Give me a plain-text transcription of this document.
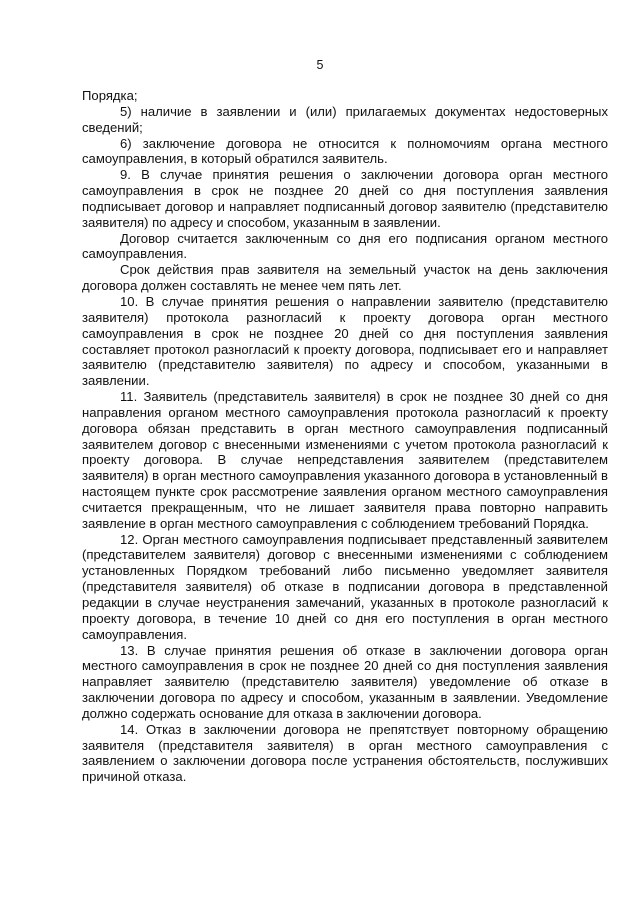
5

Порядка;

5) наличие в заявлении и (или) прилагаемых документах недостоверных сведений;

6) заключение договора не относится к полномочиям органа местного самоуправления, в который обратился заявитель.

9. В случае принятия решения о заключении договора орган местного самоуправления в срок не позднее 20 дней со дня поступления заявления подписывает договор и направляет подписанный договор заявителю (представителю заявителя) по адресу и способом, указанным в заявлении.

Договор считается заключенным со дня его подписания органом местного самоуправления.

Срок действия прав заявителя на земельный участок на день заключения договора должен составлять не менее чем пять лет.

10. В случае принятия решения о направлении заявителю (представителю заявителя) протокола разногласий к проекту договора орган местного самоуправления в срок не позднее 20 дней со дня поступления заявления составляет протокол разногласий к проекту договора, подписывает его и направляет заявителю (представителю заявителя) по адресу и способом, указанными в заявлении.

11. Заявитель (представитель заявителя) в срок не позднее 30 дней со дня направления органом местного самоуправления протокола разногласий к проекту договора обязан представить в орган местного самоуправления подписанный заявителем договор с внесенными изменениями с учетом протокола разногласий к проекту договора. В случае непредставления заявителем (представителем заявителя) в орган местного самоуправления указанного договора в установленный в настоящем пункте срок рассмотрение заявления органом местного самоуправления считается прекращенным, что не лишает заявителя права повторно направить заявление в орган местного самоуправления с соблюдением требований Порядка.

12. Орган местного самоуправления подписывает представленный заявителем (представителем заявителя) договор с внесенными изменениями с соблюдением установленных Порядком требований либо письменно уведомляет заявителя (представителя заявителя) об отказе в подписании договора в представленной редакции в случае неустранения замечаний, указанных в протоколе разногласий к проекту договора, в течение 10 дней со дня его поступления в орган местного самоуправления.

13. В случае принятия решения об отказе в заключении договора орган местного самоуправления в срок не позднее 20 дней со дня поступления заявления направляет заявителю (представителю заявителя) уведомление об отказе в заключении договора по адресу и способом, указанным в заявлении. Уведомление должно содержать основание для отказа в заключении договора.

14. Отказ в заключении договора не препятствует повторному обращению заявителя (представителя заявителя) в орган местного самоуправления с заявлением о заключении договора после устранения обстоятельств, послуживших причиной отказа.
